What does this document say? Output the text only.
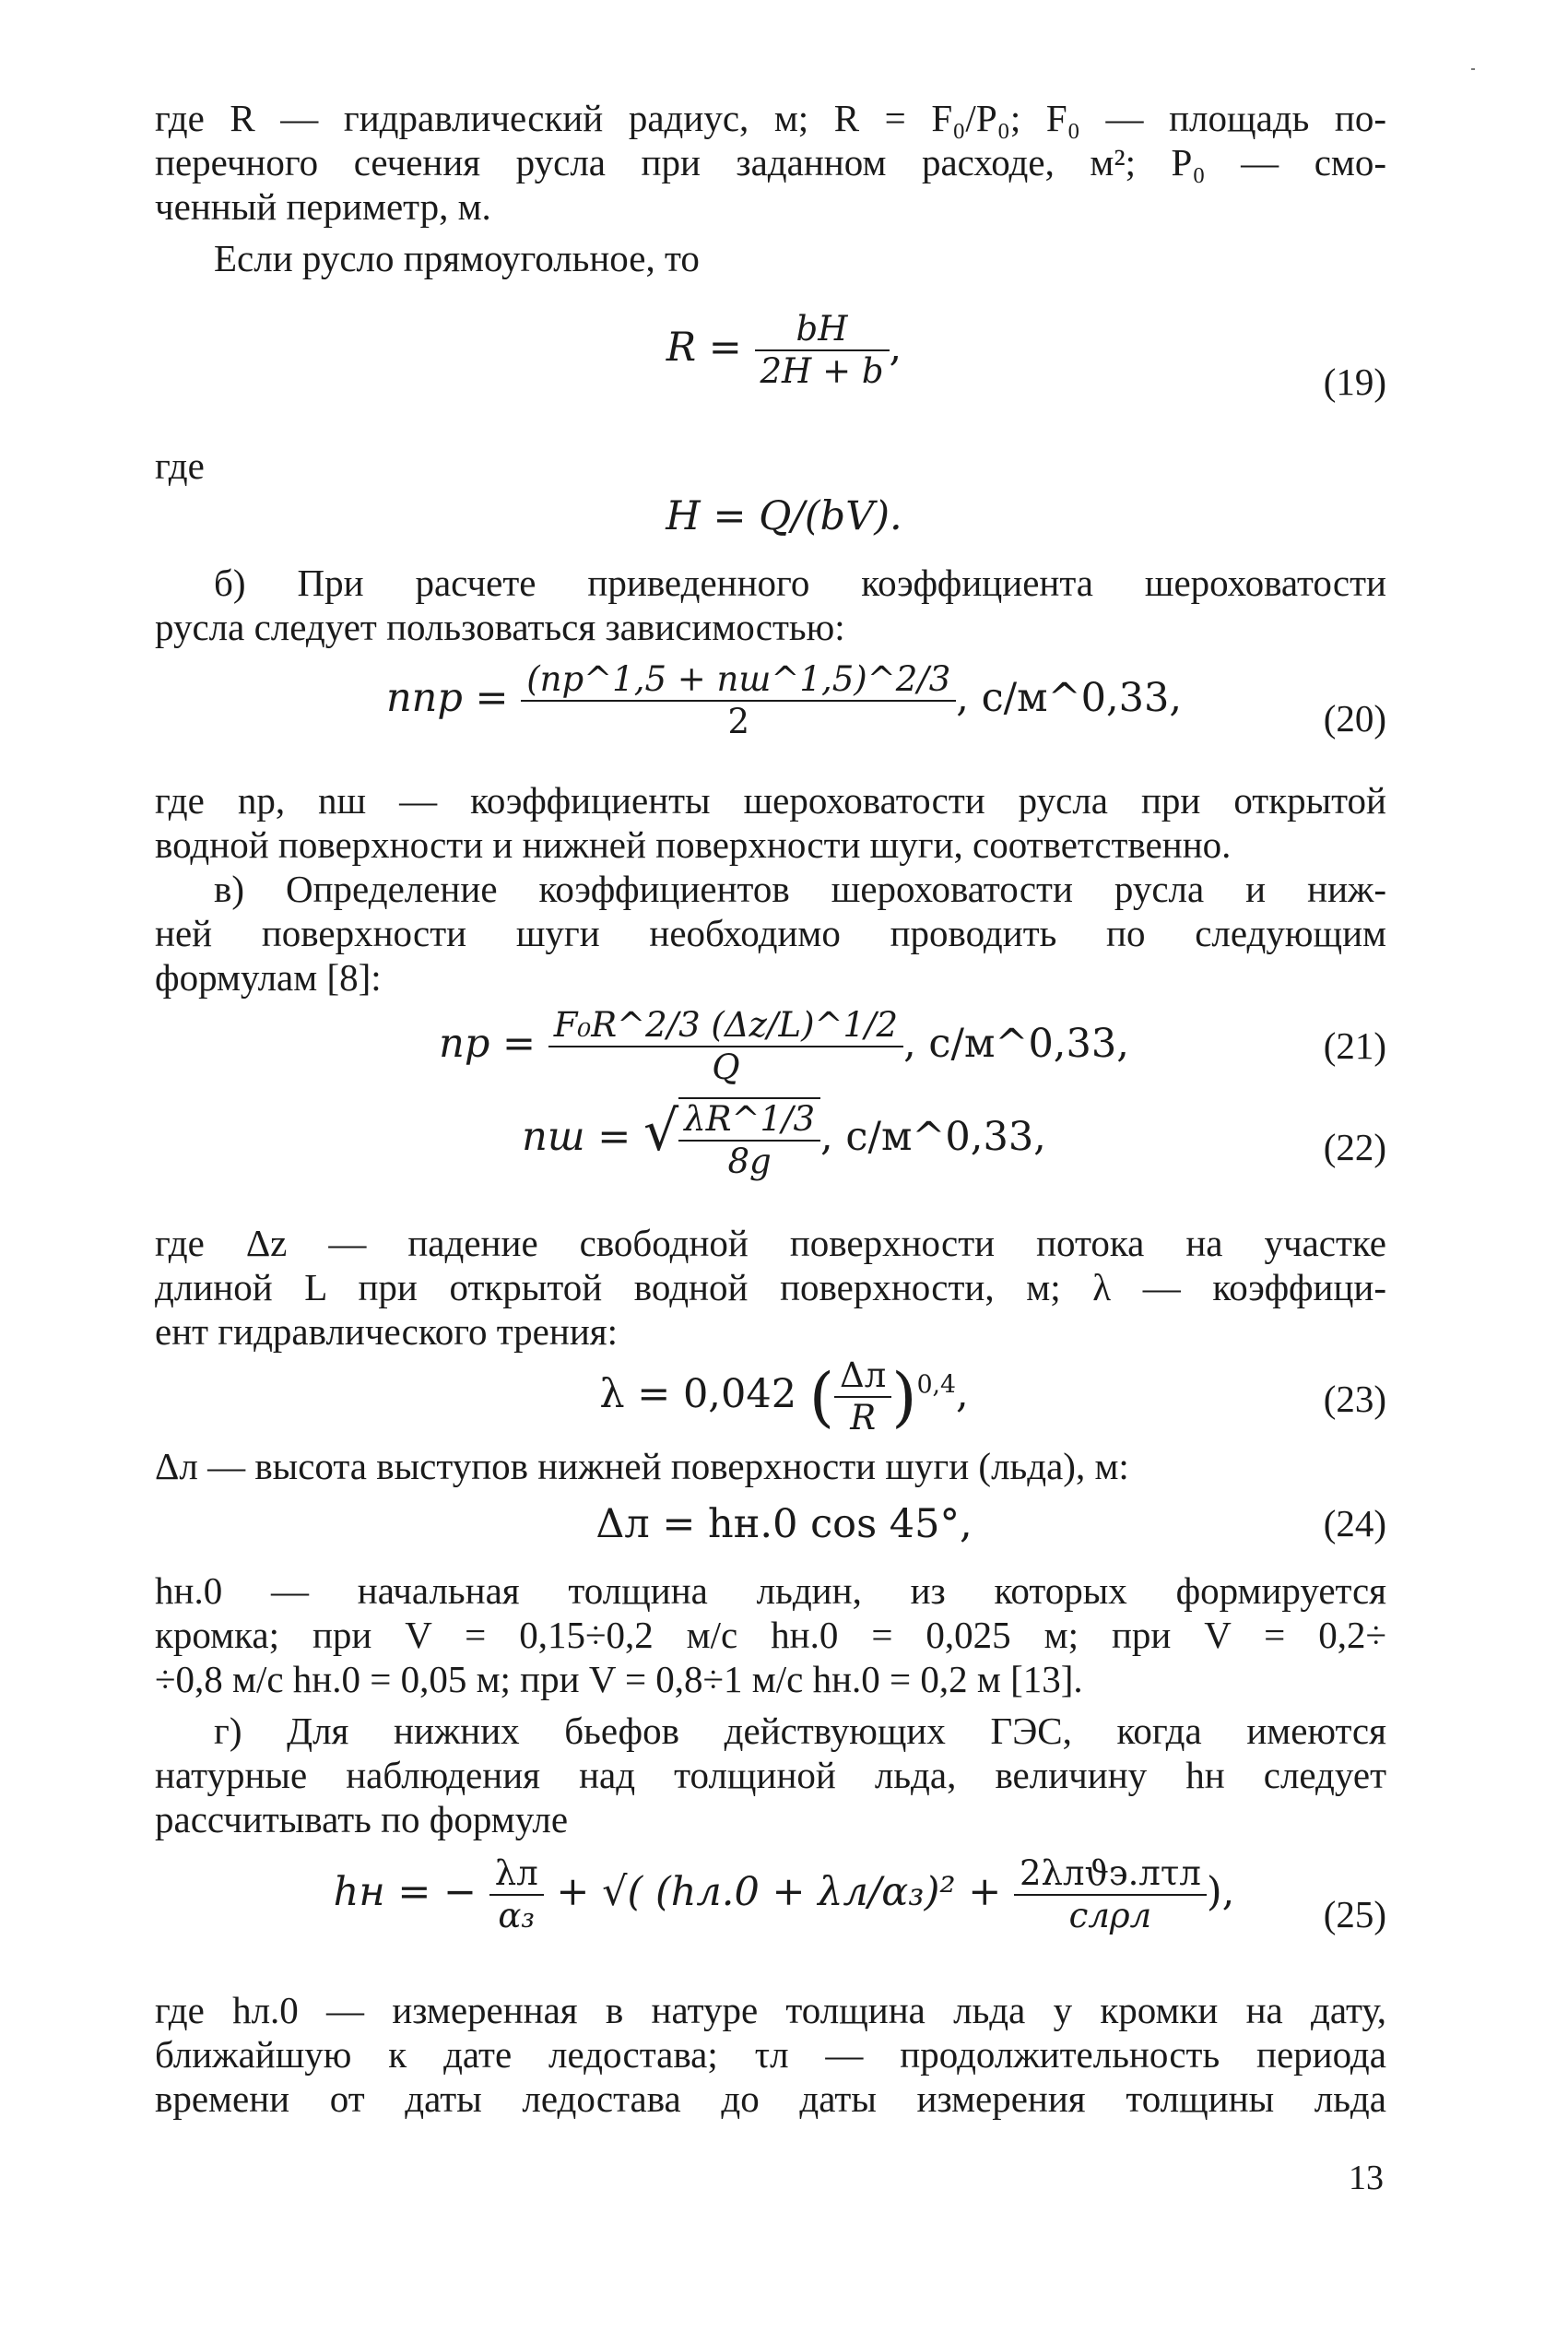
где R — гидравлический радиус, м; R = F₀/P₀; F₀ — площадь по-
перечного сечения русла при заданном расходе, м²; P₀ — смо-
ченный периметр, м.
Если русло прямоугольное, то
$R = \frac{bH}{2H + b}$ ,
(19)
где
H = Q/(bV).
б) При расчете приведенного коэффициента шероховатости
русла следует пользоваться зависимостью:
nпр = $\frac{(nр\^{}1,5 + nш\^{}1,5)\^{}2/3}{2}$ , с/м^0,33,	(20)
где nр, nш — коэффициенты шероховатости русла при открытой
водной поверхности и нижней поверхности шуги, соответственно.
в) Определение коэффициентов шероховатости русла и ниж-
ней поверхности шуги необходимо проводить по следующим
формулам [8]:
nр = $\frac{\text{F₀R\textasciicircum{}2/3 (Δz/L)\textasciicircum{}1/2}}{Q}$ , с/м^0,33,	(21)
nш = √ $\frac{\lambda R\^{}1/3}{8g}$ , с/м^0,33,	(22)
где Δz — падение свободной поверхности потока на участке
длиной L при открытой водной поверхности, м; λ — коэффици-
ент гидравлического трения:
λ = 0,042 ( $\frac{\Delta л}{R} )^{0,4}$,	(23)
Δл — высота выступов нижней поверхности шуги (льда), м:
Δл = hн.0 cos 45°,	(24)
hн.0 — начальная толщина льдин, из которых формируется
кромка; при V = 0,15÷0,2 м/с hн.0 = 0,025 м; при V = 0,2÷
÷0,8 м/с hн.0 = 0,05 м; при V = 0,8÷1 м/с hн.0 = 0,2 м [13].
г) Для нижних бьефов действующих ГЭС, когда имеются
натурные наблюдения над толщиной льда, величину hн следует
рассчитывать по формуле
hн = − $\frac{\lambda л}{\text{α₃}}$ + √( $(hл.0 + \lambda л/\alpha_3)^2 + \frac{\text{2λлϑэ.лτл}}{\text{cлρл}}$ ),	(25)
где hл.0 — измеренная в натуре толщина льда у кромки на дату,
ближайшую к дате ледостава; τл — продолжительность периода
времени от даты ледостава до даты измерения толщины льда
13
